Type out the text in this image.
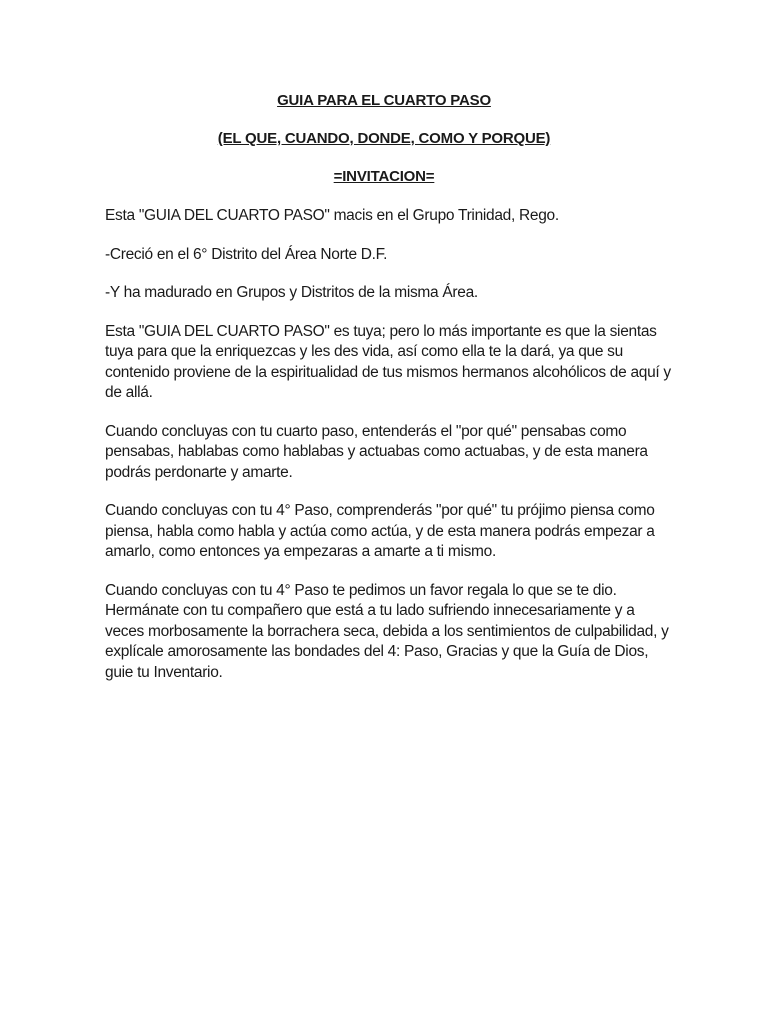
GUIA PARA EL CUARTO PASO

(EL QUE, CUANDO, DONDE, COMO Y PORQUE)

=INVITACION=

Esta "GUIA DEL CUARTO PASO" macis en el Grupo Trinidad, Rego.

-Creció en el 6° Distrito del Área Norte D.F.

-Y ha madurado en Grupos y Distritos de la misma Área.

Esta "GUIA DEL CUARTO PASO" es tuya; pero lo más importante es que la sientas tuya para que la enriquezcas y les des vida, así como ella te la dará, ya que su contenido proviene de la espiritualidad de tus mismos hermanos alcohólicos de aquí y de allá.

Cuando concluyas con tu cuarto paso, entenderás el "por qué" pensabas como pensabas, hablabas como hablabas y actuabas como actuabas, y de esta manera podrás perdonarte y amarte.

Cuando concluyas con tu 4° Paso, comprenderás "por qué" tu prójimo piensa como piensa, habla como habla y actúa como actúa, y de esta manera podrás empezar a amarlo, como entonces ya empezaras a amarte a ti mismo.

Cuando concluyas con tu 4° Paso te pedimos un favor regala lo que se te dio. Hermánate con tu compañero que está a tu lado sufriendo innecesariamente y a veces morbosamente la borrachera seca, debida a los sentimientos de culpabilidad, y explícale amorosamente las bondades del 4: Paso, Gracias y que la Guía de Dios, guie tu Inventario.
